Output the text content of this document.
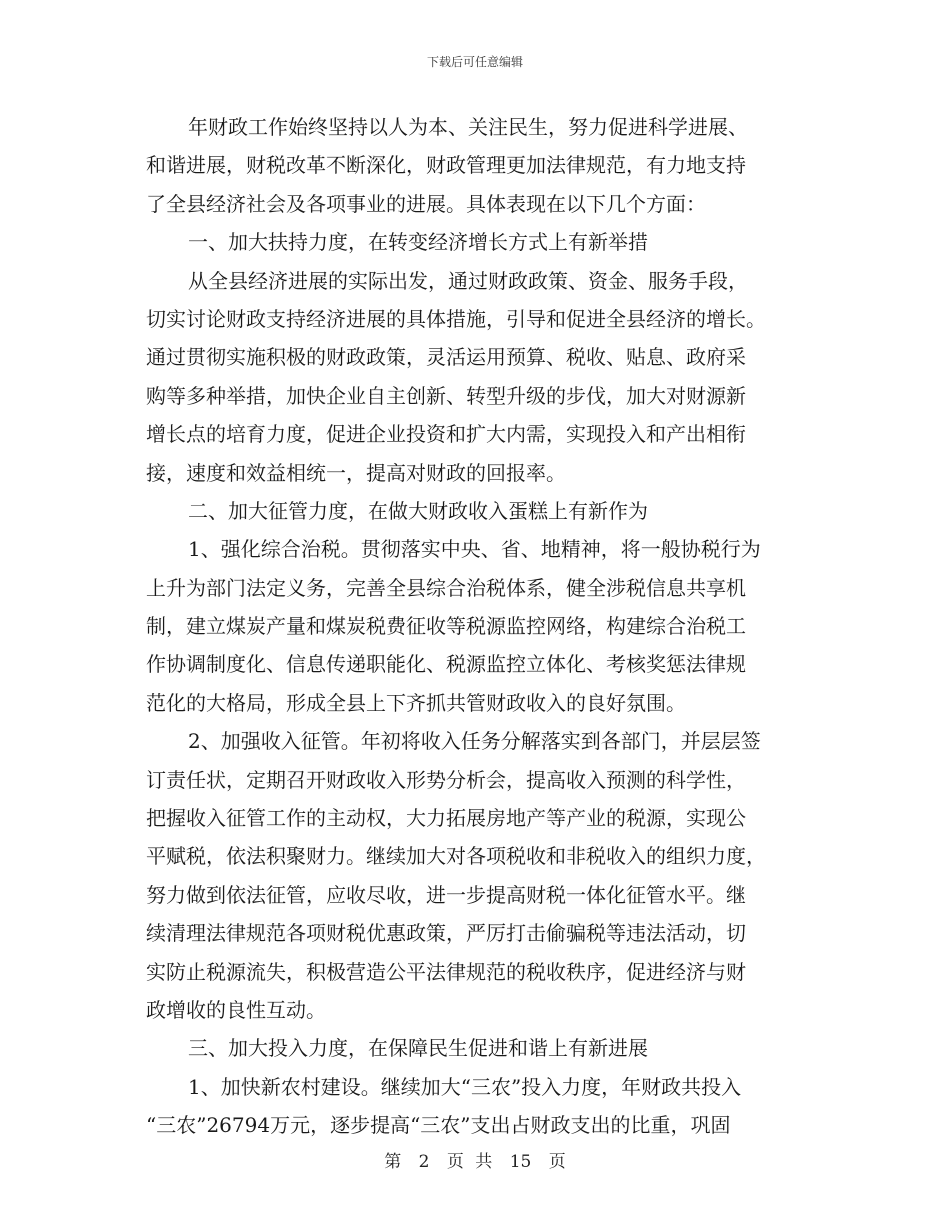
下载后可任意编辑
年财政工作始终坚持以人为本、关注民生，努力促进科学进展、
和谐进展，财税改革不断深化，财政管理更加法律规范，有力地支持
了全县经济社会及各项事业的进展。具体表现在以下几个方面：
一、加大扶持力度，在转变经济增长方式上有新举措
从全县经济进展的实际出发，通过财政政策、资金、服务手段，
切实讨论财政支持经济进展的具体措施，引导和促进全县经济的增长。
通过贯彻实施积极的财政政策，灵活运用预算、税收、贴息、政府采
购等多种举措，加快企业自主创新、转型升级的步伐，加大对财源新
增长点的培育力度，促进企业投资和扩大内需，实现投入和产出相衔
接，速度和效益相统一，提高对财政的回报率。
二、加大征管力度，在做大财政收入蛋糕上有新作为
1、强化综合治税。贯彻落实中央、省、地精神，将一般协税行为
上升为部门法定义务，完善全县综合治税体系，健全涉税信息共享机
制，建立煤炭产量和煤炭税费征收等税源监控网络，构建综合治税工
作协调制度化、信息传递职能化、税源监控立体化、考核奖惩法律规
范化的大格局，形成全县上下齐抓共管财政收入的良好氛围。
2、加强收入征管。年初将收入任务分解落实到各部门，并层层签
订责任状，定期召开财政收入形势分析会，提高收入预测的科学性，
把握收入征管工作的主动权，大力拓展房地产等产业的税源，实现公
平赋税，依法积聚财力。继续加大对各项税收和非税收入的组织力度，
努力做到依法征管，应收尽收，进一步提高财税一体化征管水平。继
续清理法律规范各项财税优惠政策，严厉打击偷骗税等违法活动，切
实防止税源流失，积极营造公平法律规范的税收秩序，促进经济与财
政增收的良性互动。
三、加大投入力度，在保障民生促进和谐上有新进展
1、加快新农村建设。继续加大“三农”投入力度，年财政共投入
“三农”26794万元，逐步提高“三农”支出占财政支出的比重，巩固
第 2 页 共 15 页
